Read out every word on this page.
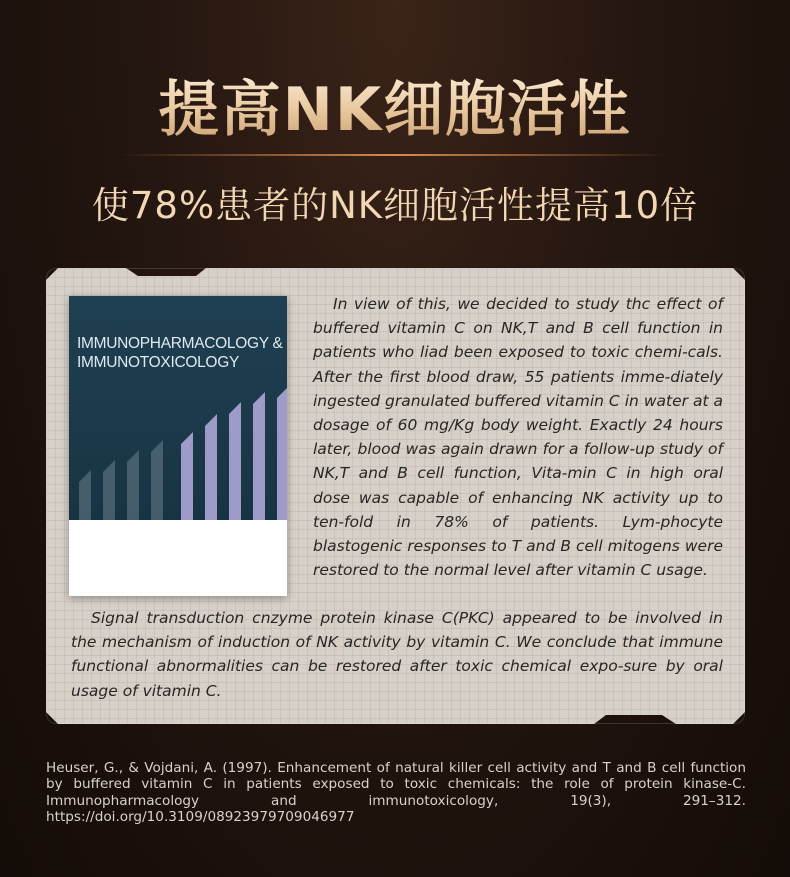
提高NK细胞活性
使78%患者的NK细胞活性提高10倍
IMMUNOPHARMACOLOGY & IMMUNOTOXICOLOGY
In view of this, we decided to study thc effect of buffered vitamin C on NK,T and B cell function in patients who liad been exposed to toxic chemi-cals. After the first blood draw, 55 patients imme-diately ingested granulated buffered vitamin C in water at a dosage of 60 mg/Kg body weight. Exactly 24 hours later, blood was again drawn for a follow-up study of NK,T and B cell function, Vita-min C in high oral dose was capable of enhancing NK activity up to ten-fold in 78% of patients. Lym-phocyte blastogenic responses to T and B cell mitogens were restored to the normal level after vitamin C usage.
Signal transduction cnzyme protein kinase C(PKC) appeared to be involved in the mechanism of induction of NK activity by vitamin C. We conclude that immune functional abnormalities can be restored after toxic chemical expo-sure by oral usage of vitamin C.
Heuser, G., & Vojdani, A. (1997). Enhancement of natural killer cell activity and T and B cell function by buffered vitamin C in patients exposed to toxic chemicals: the role of protein kinase-C. Immunopharmacology and immunotoxicology, 19(3), 291–312. https://doi.org/10.3109/08923979709046977
